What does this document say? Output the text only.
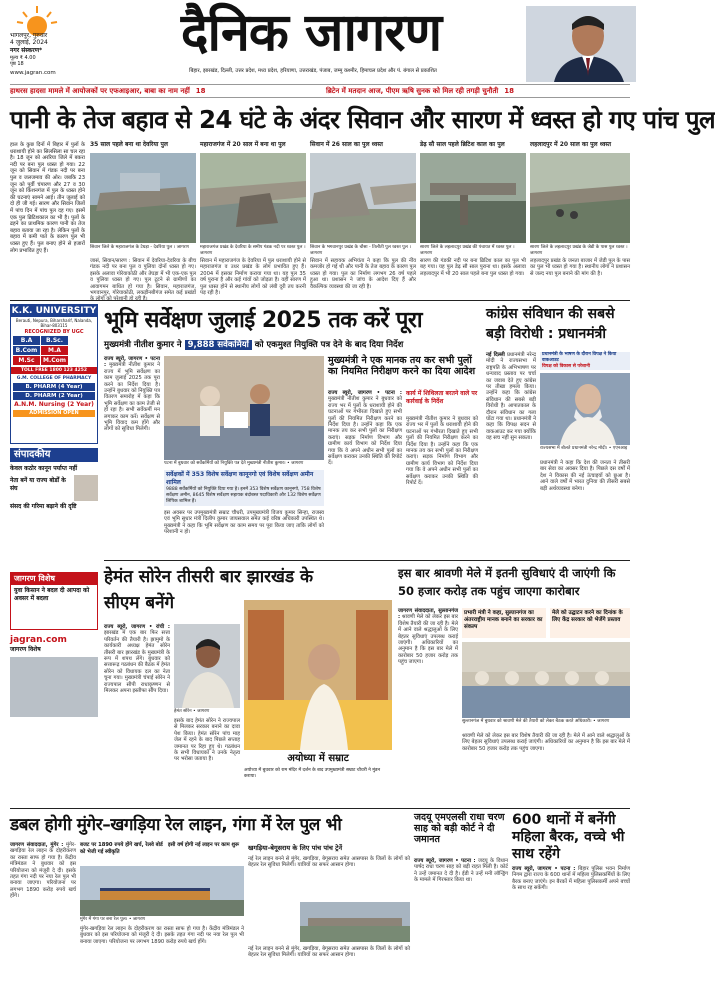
भागलपुर, गुरुवार
4 जुलाई, 2024
नगर संस्करण*
मूल्य ₹ 4.00
पृष्ठ 18
www.jagran.com
दैनिक जागरण
बिहार, झारखंड, दिल्ली, उत्तर प्रदेश, मध्य प्रदेश, हरियाणा, उत्तराखंड, पंजाब, जम्मू कश्मीर, हिमाचल प्रदेश और पं. बंगाल से प्रकाशित
हाथरस हादसा मामले में आयोजकों पर एफआइआर, बाबा का नाम नहीं 18	ब्रिटेन में मतदान आज, पीएम ऋषि सुनक को मिल रही तगड़ी चुनौती 18
पानी के तेज बहाव से 24 घंटे के अंदर सिवान और सारण में ध्वस्त हो गए पांच पुल
हाल के कुछ दिनों में बिहार में पुलों के धराशायी होने का सिलसिला सा चल रहा है। 18 जून को अररिया जिले में बकरा नदी पर बना पुल ध्वस्त हो गया। 22 जून को सिवान में गंडक नदी पर बना पुल व जलजमाव की ओर। जबकि 23 जून को पूर्वी चंपारण और 27 व 30 जून को किशनगंज में पुल के ध्वस्त होने की घटनाएं सामने आई। तीन जुलाई को दो ही जी गई। सारण और सिवान जिलों में पांच दिन में पांच पुल दह गए। इसमें एक पुल ब्रिटिशकाल का भी है। पुलों के ढहने का प्राथमिक कारण पानी का तेज बहाव बताया जा रहा है। लेकिन पुलों के बहाव में कमी पाते के कारण पुल भी ध्वस्त हुए हैं। पुल बनाए होने से हजारों लोग प्रभावित हुए हैं।
35 साल पहले बना था देवरिया पुल	महाराजगंज में 20 साल में बना था पुल	सिवान में 26 साल का पुल ध्वस्त	डेढ़ सौ साल पहले ब्रिटिश काल का पुल	लहलादपुर में 20 साल का पुल ध्वस्त
सिवान जिले के महाराजगंज के टेघड़ा - देवरिया पुल । जागरण	महाराजगंज प्रखंड के देवरिया के समीप गंडक नदी पर ध्वस्त पुल । जागरण
सिवान के भगवानपुर प्रखंड के चौसा - तिलौती पुल ध्वस्त पुल । जागरण
सारण जिले के लहलादपुर प्रखंड की पंचायत में ध्वस्त पुल । जागरण
सारण जिले के लहलादपुर प्रखंड के जेडी के पास पुल ध्वस्त । जागरण
जासं, सिवान/सारण : सिवान में देवरिया-देवरिया के बीच गंडक नदी पर बना पुल व पुलिया दोनों ध्वस्त हो गए। इसके अलावा गोरेयाकोठी और तेघड़ा में भी एक-एक पुल व पुलिया ध्वस्त हो गए। पुल टूटने से ग्रामीणों का आवागमन बाधित हो गया है। सिवान, महाराजगंज, भगवानपुर, गोरेयाकोठी, लकड़ीनबीगंज समेत कई प्रखंडों
सिवान में महाराजगंज के देवरिया में पुल धराशायी होने से महाराजगंज व उधर प्रखंड के लोग प्रभावित हुए हैं। 2004 में इसका निर्माण कराया गया था। यह पुल 35 वर्ष पुराना है और कई गांवों को जोड़ता है। वहीं सारण में पुल ध्वस्त होने से स्थानीय लोगों को लंबी दूरी तय करनी पड़ रही है।
सिवान में सहायक अभियंता ने कहा कि पुल की नींव कमजोर हो गई थी और पानी के तेज बहाव के कारण पुल ध्वस्त हो गया। पुल का निर्माण लगभग 26 वर्ष पहले हुआ था। प्रशासन ने जांच के आदेश दिए हैं और वैकल्पिक व्यवस्था की जा रही है।
सारण की गंडकी नदी पर बना ब्रिटिश काल का पुल भी बह गया। यह पुल डेढ़ सौ साल पुराना था। इसके अलावा लहलादपुर में भी 20 साल पहले बना पुल ध्वस्त हो गया।
लहलादपुर प्रखंड के जनता बाजार में जेडी पुल के पास का पुल भी ध्वस्त हो गया है। स्थानीय लोगों ने प्रशासन से जल्द नया पुल बनाने की मांग की है।
K.K. UNIVERSITY
Berauti, Nepura, Biharsharif, Nalanda, Bihar-803115
RECOGNIZED BY UGC
B.A	B.Sc.
B.Com	M.A
M.Sc	M.Com
TOLL FREE 1800 123 4252
G.M. COLLEGE OF PHARMACY
B. PHARM (4 Year)
D. PHARM (2 Year)
A.N.M. Nursing (2 Year)
ADMISSION OPEN
संपादकीय
केवल कठोर कानून पर्याप्त नहीं
नेता बनें या राज्य बोर्डों के संघ
संसद की गरिमा बढ़ाने की दृष्टि
जागरण विशेष
युवा किसान ने बदल दी आपदा को अवसर में बदला
jagran.com
जागरण विशेष
भूमि सर्वेक्षण जुलाई 2025 तक करें पूरा
मुख्यमंत्री नीतीश कुमार ने 9,888 सर्वेकर्मियों को एकमुश्त नियुक्ति पत्र देने के बाद दिया निर्देश
राज्य ब्यूरो, जागरण • पटना : मुख्यमंत्री नीतीश कुमार ने राज्य में भूमि सर्वेक्षण का काम जुलाई 2025 तक पूरा करने का निर्देश दिया है। उन्होंने बुधवार को नियुक्ति पत्र वितरण समारोह में कहा कि भूमि सर्वेक्षण का काम तेजी से हो रहा है। सभी सर्वेकर्मी मन लगाकर काम करें। सर्वेक्षण से भूमि विवाद कम होंगे और लोगों को सुविधा मिलेगी।
पटना में बुधवार को सर्वेकर्मियों को नियुक्ति पत्र देते मुख्यमंत्री नीतीश कुमार। • जागरण
सर्वेक्षकों में 353 विशेष सर्वेक्षण कानूनगो एवं विशेष सर्वेक्षण अमीन शामिल
9888 सर्वेकर्मियों को नियुक्ति दिया गया है। इनमें 353 विशेष सर्वेक्षण कानूनगो, 758 विशेष सर्वेक्षण अमीन, 8645 विशेष सर्वेक्षण सहायक बंदोबस्त पदाधिकारी और 132 विशेष सर्वेक्षण लिपिक शामिल हैं।
इस अवसर पर उपमुख्यमंत्री सम्राट चौधरी, उपमुख्यमंत्री विजय कुमार सिन्हा, राजस्व एवं भूमि सुधार मंत्री दिलीप कुमार जायसवाल समेत कई वरिष्ठ अधिकारी उपस्थित थे। मुख्यमंत्री ने कहा कि भूमि सर्वेक्षण का काम समय पर पूरा किया जाए ताकि लोगों को परेशानी न हो।
मुख्यमंत्री ने एक मानक तय कर सभी पुलों का नियमित निरीक्षण करने का दिया आदेश
राज्य ब्यूरो, जागरण • पटना : मुख्यमंत्री नीतीश कुमार ने बुधवार को राज्य भर में पुलों के धराशायी होने की घटनाओं पर गंभीरता दिखाते हुए सभी पुलों की नियमित निरीक्षण करने का निर्देश दिया है। उन्होंने कहा कि एक मानक तय कर सभी पुलों का निरीक्षण कराएं। सड़क निर्माण विभाग और ग्रामीण कार्य विभाग को निर्देश दिया गया कि वे अपने अधीन सभी पुलों का सर्वेक्षण कराकर उनकी स्थिति की रिपोर्ट दें।
कार्य में शिथिलता बरतने वाले पर कार्रवाई के निर्देश
मुख्यमंत्री नीतीश कुमार ने बुधवार को राज्य भर में पुलों के धराशायी होने की घटनाओं पर गंभीरता दिखाते हुए सभी पुलों की नियमित निरीक्षण करने का निर्देश दिया है। उन्होंने कहा कि एक मानक तय कर सभी पुलों का निरीक्षण कराएं। सड़क निर्माण विभाग और ग्रामीण कार्य विभाग को निर्देश दिया गया कि वे अपने अधीन सभी पुलों का सर्वेक्षण कराकर उनकी स्थिति की रिपोर्ट दें।
कांग्रेस संविधान की सबसे बड़ी विरोधी : प्रधानमंत्री
नई दिल्ली प्रधानमंत्री नरेन्द्र मोदी ने राज्यसभा में राष्ट्रपति के अभिभाषण पर धन्यवाद प्रस्ताव पर चर्चा का जवाब देते हुए कांग्रेस पर तीखा हमला किया। उन्होंने कहा कि कांग्रेस संविधान की सबसे बड़ी विरोधी है। आपातकाल के दौरान संविधान का गला घोंटा गया था। प्रधानमंत्री ने कहा कि विपक्ष सदन से वाकआउट कर गया क्योंकि वह सच नहीं सुन सकता।
प्रधानमंत्री के भाषण के दौरान विपक्ष ने किया वाकआउट
विपक्ष को विकास से परेशानी
राज्यसभा में बोलते प्रधानमंत्री नरेन्द्र मोदी। • एएनआइ
प्रधानमंत्री ने कहा कि देश की जनता ने तीसरी बार सेवा का अवसर दिया है। पिछले दस वर्षों में देश ने विकास की नई ऊंचाइयों को छुआ है। आने वाले वर्षों में भारत दुनिया की तीसरी सबसे बड़ी अर्थव्यवस्था बनेगा।
हेमंत सोरेन तीसरी बार झारखंड के सीएम बनेंगे
राज्य ब्यूरो, जागरण • रांची : झारखंड में एक बार फिर सत्ता परिवर्तन की तैयारी है। झामुमो के कार्यकारी अध्यक्ष हेमंत सोरेन तीसरी बार झारखंड के मुख्यमंत्री के रूप में शपथ लेंगे। बुधवार को सत्तारूढ़ गठबंधन की बैठक में हेमंत सोरेन को विधायक दल का नेता चुना गया। मुख्यमंत्री चंपाई सोरेन ने राज्यपाल सीपी राधाकृष्णन से मिलकर अपना इस्तीफा सौंप दिया।
हेमंत सोरेन • जागरण
इसके बाद हेमंत सोरेन ने राज्यपाल से मिलकर सरकार बनाने का दावा पेश किया। हेमंत सोरेन पांच माह जेल में रहने के बाद पिछले सप्ताह जमानत पर रिहा हुए थे। गठबंधन के सभी विधायकों ने उनके नेतृत्व पर भरोसा जताया है।	अयोध्या में सम्राट
अयोध्या में बुधवार को राम मंदिर में दर्शन के बाद उपमुख्यमंत्री सम्राट चौधरी ने मुंडन कराया।
इस बार श्रावणी मेले में इतनी सुविधाएं दी जाएंगी कि 50 हजार करोड़ तक पहुंच जाएगा कारोबार
जागरण संवाददाता, सुल्तानगंज : श्रावणी मेले को लेकर इस बार विशेष तैयारी की जा रही है। मेले में आने वाले श्रद्धालुओं के लिए बेहतर सुविधाएं उपलब्ध कराई जाएंगी। अधिकारियों का अनुमान है कि इस बार मेले में कारोबार 50 हजार करोड़ तक पहुंच जाएगा।
प्रभारी मंत्री ने कहा, सुल्तानगंज का अंतरराष्ट्रीय मानक बनाने का सरकार का संकल्प
मेले को उद्घाटन करने का दिनांक के लिए केंद्र सरकार को भेजेंगे प्रस्ताव
सुल्तानगंज में बुधवार को श्रावणी मेले की तैयारी को लेकर बैठक करते अधिकारी। • जागरण
श्रावणी मेले को लेकर इस बार विशेष तैयारी की जा रही है। मेले में आने वाले श्रद्धालुओं के लिए बेहतर सुविधाएं उपलब्ध कराई जाएंगी। अधिकारियों का अनुमान है कि इस बार मेले में कारोबार 50 हजार करोड़ तक पहुंच जाएगा।
डबल होगी मुंगेर–खगड़िया रेल लाइन, गंगा में रेल पुल भी
जागरण संवाददाता, मुंगेर : मुंगेर-खगड़िया रेल लाइन के दोहरीकरण का रास्ता साफ हो गया है। केंद्रीय मंत्रिमंडल ने बुधवार को इस परियोजना को मंजूरी दे दी। इसके तहत गंगा नदी पर नया रेल पुल भी बनाया जाएगा। परियोजना पर लगभग 1890 करोड़ रुपये खर्च होंगे।
बजट पर 1890 रुपये होंगे खर्च, रेलवे बोर्ड को भेजी गई स्वीकृति
इसी वर्ष होगी नई लाइन पर काम शुरू
मुंगेर में गंगा पर बना रेल पुल। • जागरण
मुंगेर-खगड़िया रेल लाइन के दोहरीकरण का रास्ता साफ हो गया है। केंद्रीय मंत्रिमंडल ने बुधवार को इस परियोजना को मंजूरी दे दी। इसके तहत गंगा नदी पर नया रेल पुल भी बनाया जाएगा। परियोजना पर लगभग 1890 करोड़ रुपये खर्च होंगे।
खगड़िया-बेगूसराय के लिए पांच पांच ट्रेनें
नई रेल लाइन बनने से मुंगेर, खगड़िया, बेगूसराय समेत आसपास के जिलों के लोगों को बेहतर रेल सुविधा मिलेगी। यात्रियों का सफर आसान होगा।
नई रेल लाइन बनने से मुंगेर, खगड़िया, बेगूसराय समेत आसपास के जिलों के लोगों को बेहतर रेल सुविधा मिलेगी। यात्रियों का सफर आसान होगा।
जदयू एमएलसी राधा चरण साह को बड़ी कोर्ट ने दी जमानत
राज्य ब्यूरो, जागरण • पटना : जदयू के विधान पार्षद राधा चरण साह को बड़ी राहत मिली है। कोर्ट ने उन्हें जमानत दे दी है। ईडी ने उन्हें मनी लॉन्ड्रिंग के मामले में गिरफ्तार किया था।
600 थानों में बनेंगी महिला बैरक, वच्चे भी साथ रहेंगे
राज्य ब्यूरो, जागरण • पटना : बिहार पुलिस भवन निर्माण निगम द्वारा राज्य के 600 थानों में महिला पुलिसकर्मियों के लिए बैरक बनाए जाएंगे। इन बैरकों में महिला पुलिसकर्मी अपने बच्चों के साथ रह सकेंगी।
